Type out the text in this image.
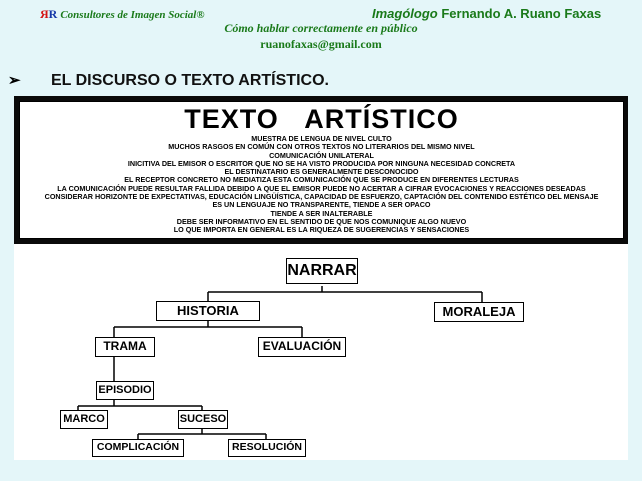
ЯR Consultores de Imagen Social®	Imagólogo Fernando A. Ruano Faxas
Cómo hablar correctamente en público
ruanofaxas@gmail.com
➢ EL DISCURSO O TEXTO ARTÍSTICO.
TEXTO ARTÍSTICO
MUESTRA DE LENGUA DE NIVEL CULTO
MUCHOS RASGOS EN COMÚN CON OTROS TEXTOS NO LITERARIOS DEL MISMO NIVEL
COMUNICACIÓN UNILATERAL
INICITIVA DEL EMISOR O ESCRITOR QUE NO SE HA VISTO PRODUCIDA POR NINGUNA NECESIDAD CONCRETA
EL DESTINATARIO ES GENERALMENTE DESCONOCIDO
EL RECEPTOR CONCRETO NO MEDIATIZA ESTA COMUNICACIÓN QUE SE PRODUCE EN DIFERENTES LECTURAS
LA COMUNICACIÓN PUEDE RESULTAR FALLIDA DEBIDO A QUE EL EMISOR PUEDE NO ACERTAR A CIFRAR EVOCACIONES Y REACCIONES DESEADAS
CONSIDERAR HORIZONTE DE EXPECTATIVAS, EDUCACIÓN LINGÜÍSTICA, CAPACIDAD DE ESFUERZO, CAPTACIÓN DEL CONTENIDO ESTÉTICO DEL MENSAJE
ES UN LENGUAJE NO TRANSPARENTE, TIENDE A SER OPACO
TIENDE A SER INALTERABLE
DEBE SER INFORMATIVO EN EL SENTIDO DE QUE NOS COMUNIQUE ALGO NUEVO
LO QUE IMPORTA EN GENERAL ES LA RIQUEZA DE SUGERENCIAS Y SENSACIONES
NARRAR
HISTORIA	MORALEJA
TRAMA	EVALUACIÓN
EPISODIO
MARCO	SUCESO
COMPLICACIÓN	RESOLUCIÓN
